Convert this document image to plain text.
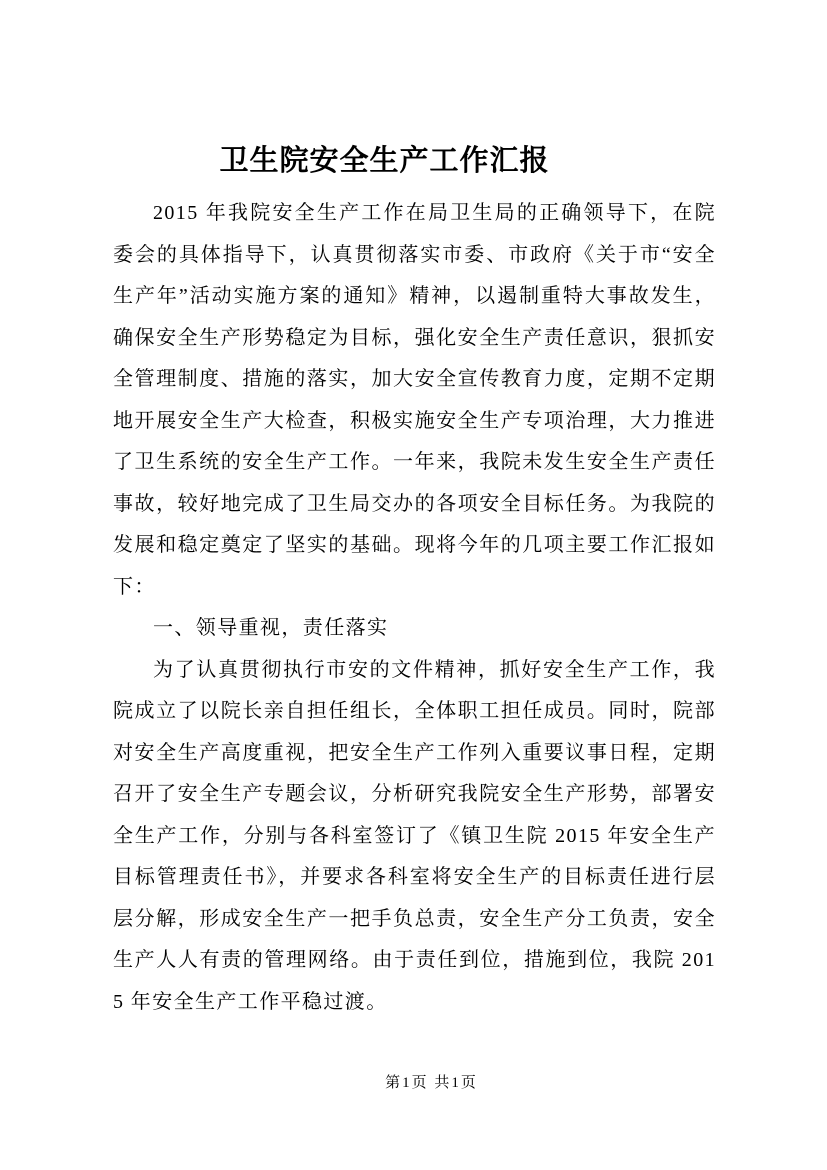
卫生院安全生产工作汇报

2015 年我院安全生产工作在局卫生局的正确领导下，在院委会的具体指导下，认真贯彻落实市委、市政府《关于市“安全生产年”活动实施方案的通知》精神，以遏制重特大事故发生，确保安全生产形势稳定为目标，强化安全生产责任意识，狠抓安全管理制度、措施的落实，加大安全宣传教育力度，定期不定期地开展安全生产大检查，积极实施安全生产专项治理，大力推进了卫生系统的安全生产工作。一年来，我院未发生安全生产责任事故，较好地完成了卫生局交办的各项安全目标任务。为我院的发展和稳定奠定了坚实的基础。现将今年的几项主要工作汇报如下：

一、领导重视，责任落实

为了认真贯彻执行市安的文件精神，抓好安全生产工作，我院成立了以院长亲自担任组长，全体职工担任成员。同时，院部对安全生产高度重视，把安全生产工作列入重要议事日程，定期召开了安全生产专题会议，分析研究我院安全生产形势，部署安全生产工作，分别与各科室签订了《镇卫生院 2015 年安全生产目标管理责任书》，并要求各科室将安全生产的目标责任进行层层分解，形成安全生产一把手负总责，安全生产分工负责，安全生产人人有责的管理网络。由于责任到位，措施到位，我院 2015 年安全生产工作平稳过渡。

第1页 共1页
